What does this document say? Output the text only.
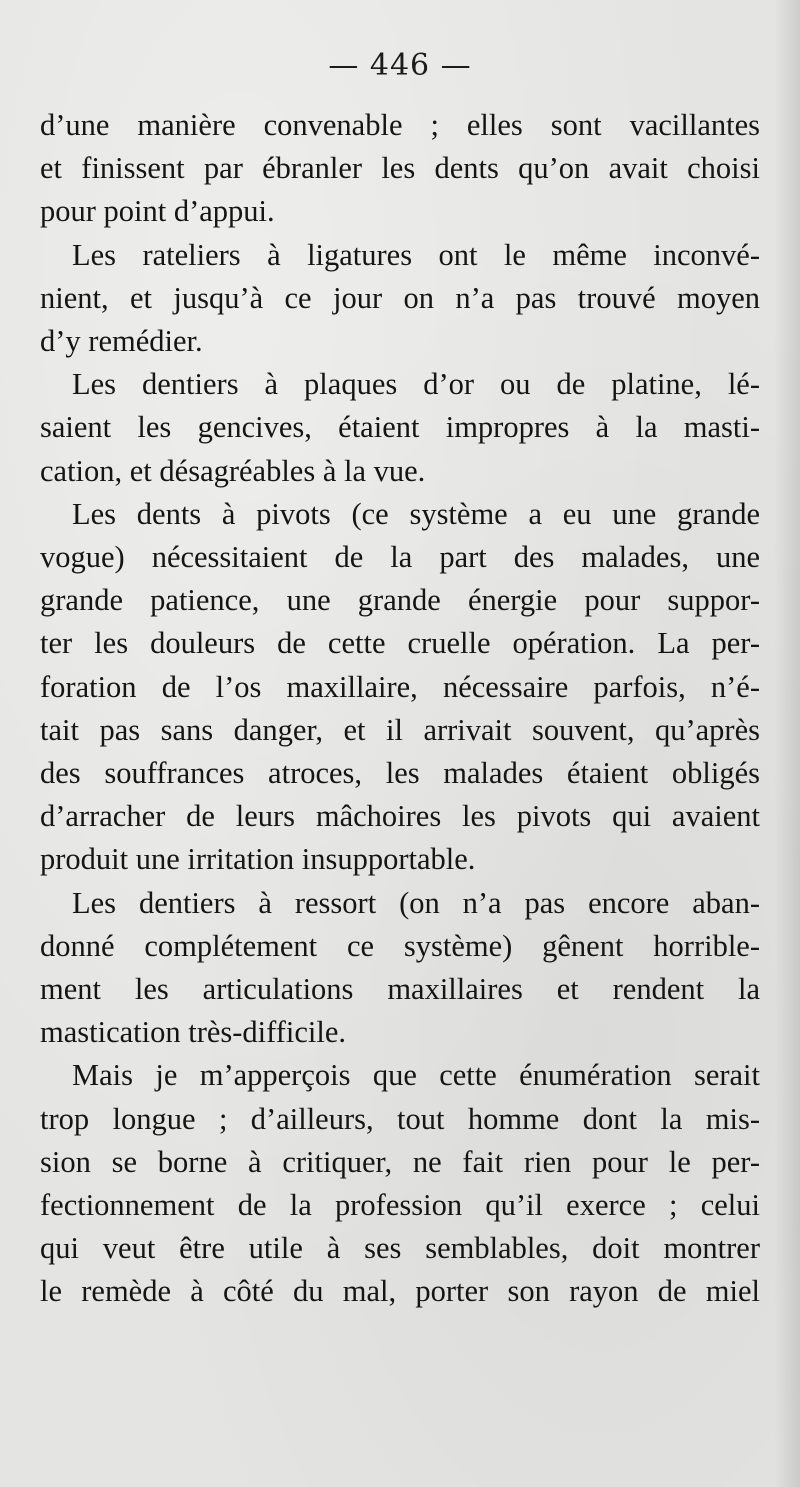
— 446 —
d’une manière convenable ; elles sont vacillantes
et finissent par ébranler les dents qu’on avait choisi
pour point d’appui.
Les rateliers à ligatures ont le même inconvé-
nient, et jusqu’à ce jour on n’a pas trouvé moyen
d’y remédier.
Les dentiers à plaques d’or ou de platine, lé-
saient les gencives, étaient impropres à la masti-
cation, et désagréables à la vue.
Les dents à pivots (ce système a eu une grande
vogue) nécessitaient de la part des malades, une
grande patience, une grande énergie pour suppor-
ter les douleurs de cette cruelle opération. La per-
foration de l’os maxillaire, nécessaire parfois, n’é-
tait pas sans danger, et il arrivait souvent, qu’après
des souffrances atroces, les malades étaient obligés
d’arracher de leurs mâchoires les pivots qui avaient
produit une irritation insupportable.
Les dentiers à ressort (on n’a pas encore aban-
donné complétement ce système) gênent horrible-
ment les articulations maxillaires et rendent la
mastication très-difficile.
Mais je m’apperçois que cette énumération serait
trop longue ; d’ailleurs, tout homme dont la mis-
sion se borne à critiquer, ne fait rien pour le per-
fectionnement de la profession qu’il exerce ; celui
qui veut être utile à ses semblables, doit montrer
le remède à côté du mal, porter son rayon de miel
